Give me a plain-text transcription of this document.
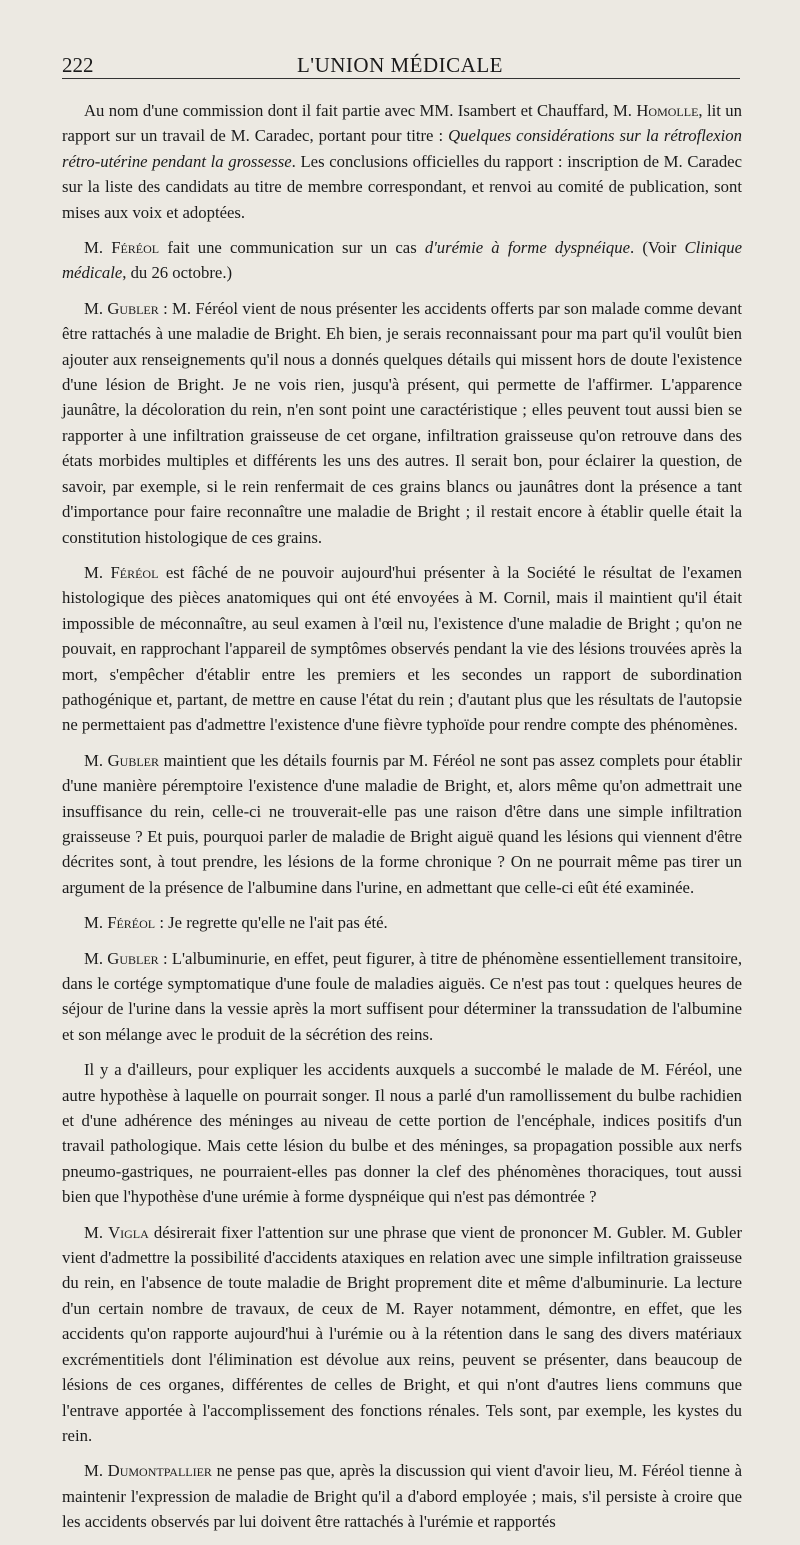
222	L'UNION MÉDICALE

Au nom d'une commission dont il fait partie avec MM. Isambert et Chauffard, M. Homolle, lit un rapport sur un travail de M. Caradec, portant pour titre : Quelques considérations sur la rétroflexion rétro-utérine pendant la grossesse. Les conclusions officielles du rapport : inscription de M. Caradec sur la liste des candidats au titre de membre correspondant, et renvoi au comité de publication, sont mises aux voix et adoptées.

M. Féréol fait une communication sur un cas d'urémie à forme dyspnéique. (Voir Clinique médicale, du 26 octobre.)

M. Gubler : M. Féréol vient de nous présenter les accidents offerts par son malade comme devant être rattachés à une maladie de Bright. Eh bien, je serais reconnaissant pour ma part qu'il voulût bien ajouter aux renseignements qu'il nous a donnés quelques détails qui missent hors de doute l'existence d'une lésion de Bright. Je ne vois rien, jusqu'à présent, qui permette de l'affirmer. L'apparence jaunâtre, la décoloration du rein, n'en sont point une caractéristique ; elles peuvent tout aussi bien se rapporter à une infiltration graisseuse de cet organe, infiltration graisseuse qu'on retrouve dans des états morbides multiples et différents les uns des autres. Il serait bon, pour éclairer la question, de savoir, par exemple, si le rein renfermait de ces grains blancs ou jaunâtres dont la présence a tant d'importance pour faire reconnaître une maladie de Bright ; il restait encore à établir quelle était la constitution histologique de ces grains.

M. Féréol est fâché de ne pouvoir aujourd'hui présenter à la Société le résultat de l'examen histologique des pièces anatomiques qui ont été envoyées à M. Cornil, mais il maintient qu'il était impossible de méconnaître, au seul examen à l'œil nu, l'existence d'une maladie de Bright ; qu'on ne pouvait, en rapprochant l'appareil de symptômes observés pendant la vie des lésions trouvées après la mort, s'empêcher d'établir entre les premiers et les secondes un rapport de subordination pathogénique et, partant, de mettre en cause l'état du rein ; d'autant plus que les résultats de l'autopsie ne permettaient pas d'admettre l'existence d'une fièvre typhoïde pour rendre compte des phénomènes.

M. Gubler maintient que les détails fournis par M. Féréol ne sont pas assez complets pour établir d'une manière péremptoire l'existence d'une maladie de Bright, et, alors même qu'on admettrait une insuffisance du rein, celle-ci ne trouverait-elle pas une raison d'être dans une simple infiltration graisseuse ? Et puis, pourquoi parler de maladie de Bright aiguë quand les lésions qui viennent d'être décrites sont, à tout prendre, les lésions de la forme chronique ? On ne pourrait même pas tirer un argument de la présence de l'albumine dans l'urine, en admettant que celle-ci eût été examinée.

M. Féréol : Je regrette qu'elle ne l'ait pas été.

M. Gubler : L'albuminurie, en effet, peut figurer, à titre de phénomène essentiellement transitoire, dans le cortége symptomatique d'une foule de maladies aiguës. Ce n'est pas tout : quelques heures de séjour de l'urine dans la vessie après la mort suffisent pour déterminer la transsudation de l'albumine et son mélange avec le produit de la sécrétion des reins.

Il y a d'ailleurs, pour expliquer les accidents auxquels a succombé le malade de M. Féréol, une autre hypothèse à laquelle on pourrait songer. Il nous a parlé d'un ramollissement du bulbe rachidien et d'une adhérence des méninges au niveau de cette portion de l'encéphale, indices positifs d'un travail pathologique. Mais cette lésion du bulbe et des méninges, sa propagation possible aux nerfs pneumo-gastriques, ne pourraient-elles pas donner la clef des phénomènes thoraciques, tout aussi bien que l'hypothèse d'une urémie à forme dyspnéique qui n'est pas démontrée ?

M. Vigla désirerait fixer l'attention sur une phrase que vient de prononcer M. Gubler. M. Gubler vient d'admettre la possibilité d'accidents ataxiques en relation avec une simple infiltration graisseuse du rein, en l'absence de toute maladie de Bright proprement dite et même d'albuminurie. La lecture d'un certain nombre de travaux, de ceux de M. Rayer notamment, démontre, en effet, que les accidents qu'on rapporte aujourd'hui à l'urémie ou à la rétention dans le sang des divers matériaux excrémentitiels dont l'élimination est dévolue aux reins, peuvent se présenter, dans beaucoup de lésions de ces organes, différentes de celles de Bright, et qui n'ont d'autres liens communs que l'entrave apportée à l'accomplissement des fonctions rénales. Tels sont, par exemple, les kystes du rein.

M. Dumontpallier ne pense pas que, après la discussion qui vient d'avoir lieu, M. Féréol tienne à maintenir l'expression de maladie de Bright qu'il a d'abord employée ; mais, s'il persiste à croire que les accidents observés par lui doivent être rattachés à l'urémie et rapportés
